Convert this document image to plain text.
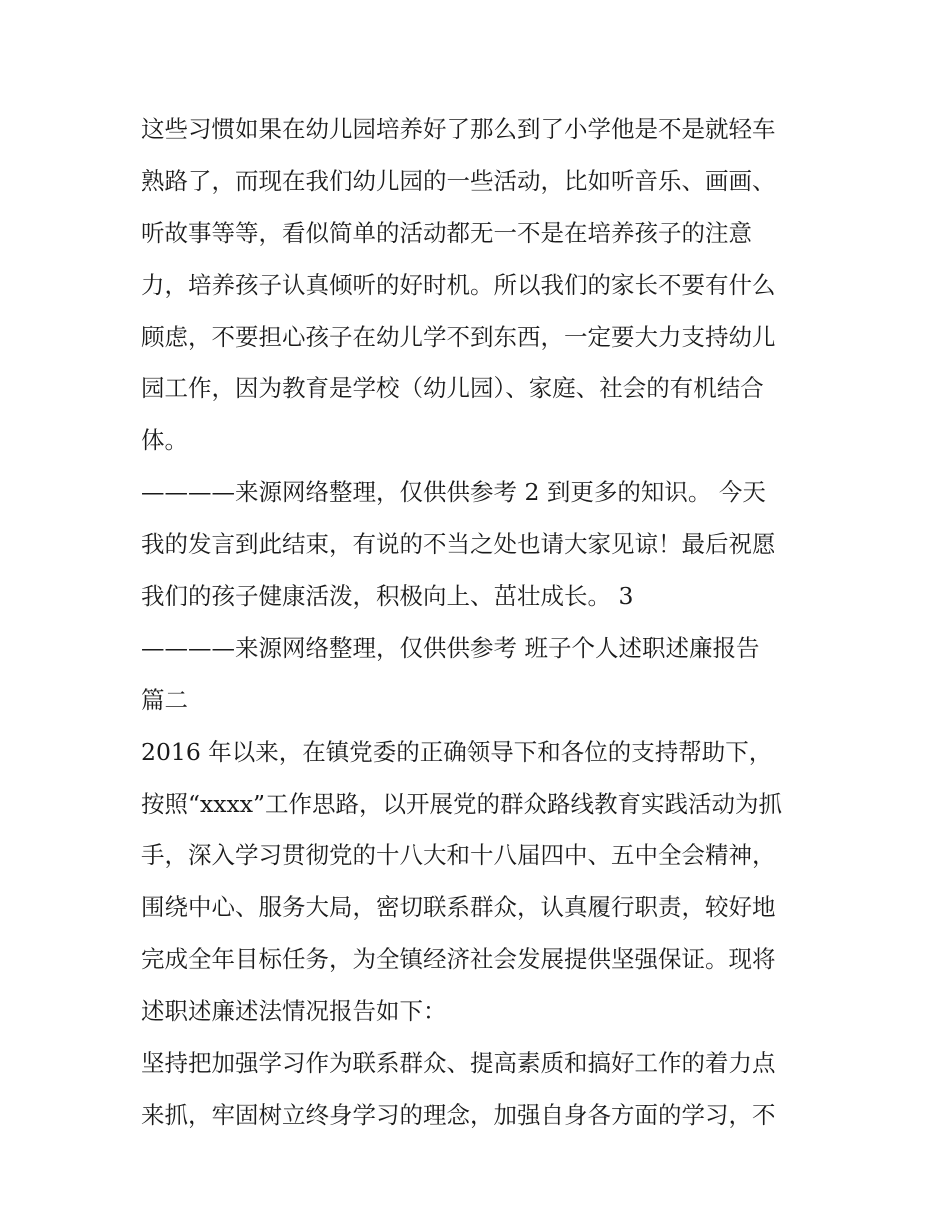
这些习惯如果在幼儿园培养好了那么到了小学他是不是就轻车
熟路了，而现在我们幼儿园的一些活动，比如听音乐、画画、
听故事等等，看似简单的活动都无一不是在培养孩子的注意
力，培养孩子认真倾听的好时机。所以我们的家长不要有什么
顾虑，不要担心孩子在幼儿学不到东西，一定要大力支持幼儿
园工作，因为教育是学校（幼儿园）、家庭、社会的有机结合
体。
————来源网络整理，仅供供参考 2 到更多的知识。 今天
我的发言到此结束，有说的不当之处也请大家见谅！最后祝愿
我们的孩子健康活泼，积极向上、茁壮成长。 3
————来源网络整理，仅供供参考 班子个人述职述廉报告
篇二
2016 年以来，在镇党委的正确领导下和各位的支持帮助下，
按照“xxxx”工作思路，以开展党的群众路线教育实践活动为抓
手，深入学习贯彻党的十八大和十八届四中、五中全会精神，
围绕中心、服务大局，密切联系群众，认真履行职责，较好地
完成全年目标任务，为全镇经济社会发展提供坚强保证。现将
述职述廉述法情况报告如下：
坚持把加强学习作为联系群众、提高素质和搞好工作的着力点
来抓，牢固树立终身学习的理念，加强自身各方面的学习，不
